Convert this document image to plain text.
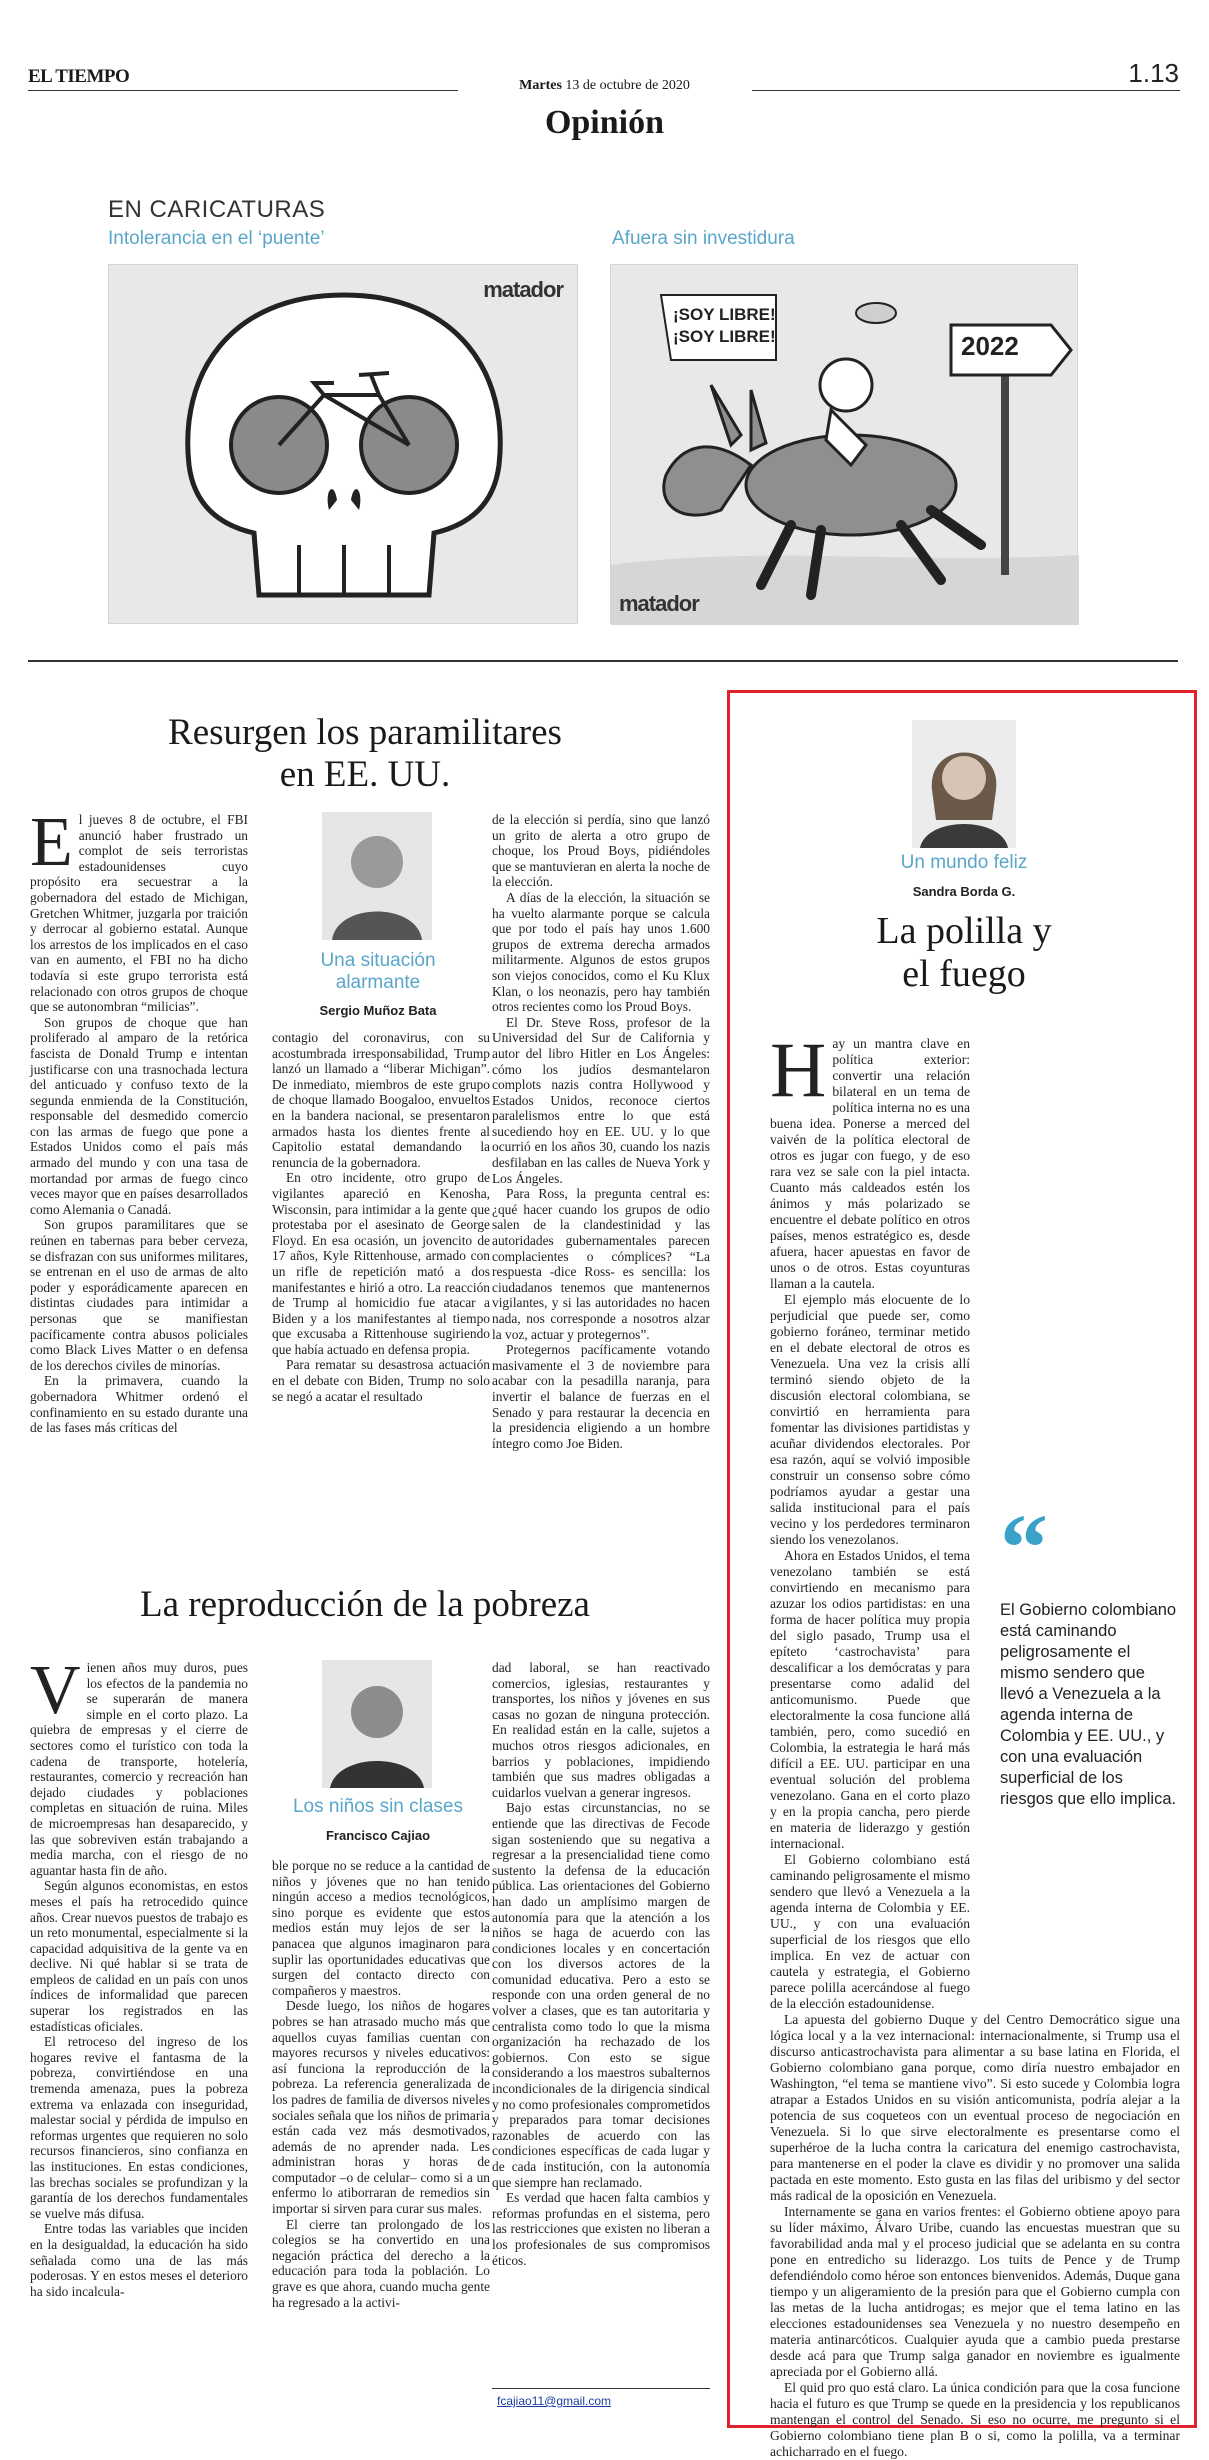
EL TIEMPO	Martes 13 de octubre de 2020	1.13
Opinión
EN CARICATURAS
Intolerancia en el ‘puente’	Afuera sin investidura
matador
¡SOY LIBRE!
¡SOY LIBRE!	2022
matador
Resurgen los paramilitares
en EE. UU.
E l jueves 8 de octubre, el FBI anunció haber frustrado un complot de seis terroristas estadounidenses cuyo propósito era secuestrar a la gobernadora del estado de Michigan, Gretchen Whitmer, juzgarla por traición y derrocar al gobierno estatal. Aunque los arrestos de los implicados en el caso van en aumento, el FBI no ha dicho todavía si este grupo terrorista está relacionado con otros grupos de choque que se autonombran “milicias”.

Son grupos de choque que han proliferado al amparo de la retórica fascista de Donald Trump e intentan justificarse con una trasnochada lectura del anticuado y confuso texto de la segunda enmienda de la Constitución, responsable del desmedido comercio con las armas de fuego que pone a Estados Unidos como el país más armado del mundo y con una tasa de mortandad por armas de fuego cinco veces mayor que en países desarrollados como Alemania o Canadá.

Son grupos paramilitares que se reúnen en tabernas para beber cerveza, se disfrazan con sus uniformes militares, se entrenan en el uso de armas de alto poder y esporádicamente aparecen en distintas ciudades para intimidar a personas que se manifiestan pacíficamente contra abusos policiales como Black Lives Matter o en defensa de los derechos civiles de minorías.

En la primavera, cuando la gobernadora Whitmer ordenó el confinamiento en su estado durante una de las fases más críticas del

Una situación alarmante
Sergio Muñoz Bata

contagio del coronavirus, con su acostumbrada irresponsabilidad, Trump lanzó un llamado a “liberar Michigan”. De inmediato, miembros de este grupo de choque llamado Boogaloo, envueltos en la bandera nacional, se presentaron armados hasta los dientes frente al Capitolio estatal demandando la renuncia de la gobernadora.

En otro incidente, otro grupo de vigilantes apareció en Kenosha, Wisconsin, para intimidar a la gente que protestaba por el asesinato de George Floyd. En esa ocasión, un jovencito de 17 años, Kyle Rittenhouse, armado con un rifle de repetición mató a dos manifestantes e hirió a otro. La reacción de Trump al homicidio fue atacar a Biden y a los manifestantes al tiempo que excusaba a Rittenhouse sugiriendo que había actuado en defensa propia.

Para rematar su desastrosa actuación en el debate con Biden, Trump no solo se negó a acatar el resultado

de la elección si perdía, sino que lanzó un grito de alerta a otro grupo de choque, los Proud Boys, pidiéndoles que se mantuvieran en alerta la noche de la elección.

A días de la elección, la situación se ha vuelto alarmante porque se calcula que por todo el país hay unos 1.600 grupos de extrema derecha armados militarmente. Algunos de estos grupos son viejos conocidos, como el Ku Klux Klan, o los neonazis, pero hay también otros recientes como los Proud Boys.

El Dr. Steve Ross, profesor de la Universidad del Sur de California y autor del libro Hitler en Los Ángeles: cómo los judíos desmantelaron complots nazis contra Hollywood y Estados Unidos, reconoce ciertos paralelismos entre lo que está sucediendo hoy en EE. UU. y lo que ocurrió en los años 30, cuando los nazis desfilaban en las calles de Nueva York y Los Ángeles.

Para Ross, la pregunta central es: ¿qué hacer cuando los grupos de odio salen de la clandestinidad y las autoridades gubernamentales parecen complacientes o cómplices? “La respuesta -dice Ross- es sencilla: los ciudadanos tenemos que mantenernos vigilantes, y si las autoridades no hacen nada, nos corresponde a nosotros alzar la voz, actuar y protegernos”.

Protegernos pacíficamente votando masivamente el 3 de noviembre para acabar con la pesadilla naranja, para invertir el balance de fuerzas en el Senado y para restaurar la decencia en la presidencia eligiendo a un hombre íntegro como Joe Biden.

La reproducción de la pobreza
V ienen años muy duros, pues los efectos de la pandemia no se superarán de manera simple en el corto plazo. La quiebra de empresas y el cierre de sectores como el turístico con toda la cadena de transporte, hotelería, restaurantes, comercio y recreación han dejado ciudades y poblaciones completas en situación de ruina. Miles de microempresas han desaparecido, y las que sobreviven están trabajando a media marcha, con el riesgo de no aguantar hasta fin de año.

Según algunos economistas, en estos meses el país ha retrocedido quince años. Crear nuevos puestos de trabajo es un reto monumental, especialmente si la capacidad adquisitiva de la gente va en declive. Ni qué hablar si se trata de empleos de calidad en un país con unos índices de informalidad que parecen superar los registrados en las estadísticas oficiales.

El retroceso del ingreso de los hogares revive el fantasma de la pobreza, convirtiéndose en una tremenda amenaza, pues la pobreza extrema va enlazada con inseguridad, malestar social y pérdida de impulso en reformas urgentes que requieren no solo recursos financieros, sino confianza en las instituciones. En estas condiciones, las brechas sociales se profundizan y la garantía de los derechos fundamentales se vuelve más difusa.

Entre todas las variables que inciden en la desigualdad, la educación ha sido señalada como una de las más poderosas. Y en estos meses el deterioro ha sido incalcula-

Los niños sin clases
Francisco Cajiao

ble porque no se reduce a la cantidad de niños y jóvenes que no han tenido ningún acceso a medios tecnológicos, sino porque es evidente que estos medios están muy lejos de ser la panacea que algunos imaginaron para suplir las oportunidades educativas que surgen del contacto directo con compañeros y maestros.

Desde luego, los niños de hogares pobres se han atrasado mucho más que aquellos cuyas familias cuentan con mayores recursos y niveles educativos: así funciona la reproducción de la pobreza. La referencia generalizada de los padres de familia de diversos niveles sociales señala que los niños de primaria están cada vez más desmotivados, además de no aprender nada. Les administran horas y horas de computador –o de celular– como si a un enfermo lo atiborraran de remedios sin importar si sirven para curar sus males.

El cierre tan prolongado de los colegios se ha convertido en una negación práctica del derecho a la educación para toda la población. Lo grave es que ahora, cuando mucha gente ha regresado a la activi-

dad laboral, se han reactivado comercios, iglesias, restaurantes y transportes, los niños y jóvenes en sus casas no gozan de ninguna protección. En realidad están en la calle, sujetos a muchos otros riesgos adicionales, en barrios y poblaciones, impidiendo también que sus madres obligadas a cuidarlos vuelvan a generar ingresos.

Bajo estas circunstancias, no se entiende que las directivas de Fecode sigan sosteniendo que su negativa a regresar a la presencialidad tiene como sustento la defensa de la educación pública. Las orientaciones del Gobierno han dado un amplísimo margen de autonomía para que la atención a los niños se haga de acuerdo con las condiciones locales y en concertación con los diversos actores de la comunidad educativa. Pero a esto se responde con una orden general de no volver a clases, que es tan autoritaria y centralista como todo lo que la misma organización ha rechazado de los gobiernos. Con esto se sigue considerando a los maestros subalternos incondicionales de la dirigencia sindical y no como profesionales comprometidos y preparados para tomar decisiones razonables de acuerdo con las condiciones específicas de cada lugar y de cada institución, con la autonomía que siempre han reclamado.

Es verdad que hacen falta cambios y reformas profundas en el sistema, pero las restricciones que existen no liberan a los profesionales de sus compromisos éticos.

fcajiao11@gmail.com
Un mundo feliz
Sandra Borda G.
La polilla y
el fuego
“
El Gobierno colombiano está caminando peligrosamente el mismo sendero que llevó a Venezuela a la agenda interna de Colombia y EE. UU., y con una evaluación superficial de los riesgos que ello implica.
H ay un mantra clave en política exterior: convertir una relación bilateral en un tema de política interna no es una buena idea. Ponerse a merced del vaivén de la política electoral de otros es jugar con fuego, y de eso rara vez se sale con la piel intacta. Cuanto más caldeados estén los ánimos y más polarizado se encuentre el debate político en otros países, menos estratégico es, desde afuera, hacer apuestas en favor de unos o de otros. Estas coyunturas llaman a la cautela.

El ejemplo más elocuente de lo perjudicial que puede ser, como gobierno foráneo, terminar metido en el debate electoral de otros es Venezuela. Una vez la crisis allí terminó siendo objeto de la discusión electoral colombiana, se convirtió en herramienta para fomentar las divisiones partidistas y acuñar dividendos electorales. Por esa razón, aquí se volvió imposible construir un consenso sobre cómo podríamos ayudar a gestar una salida institucional para el país vecino y los perdedores terminaron siendo los venezolanos.

Ahora en Estados Unidos, el tema venezolano también se está convirtiendo en mecanismo para azuzar los odios partidistas: en una forma de hacer política muy propia del siglo pasado, Trump usa el epíteto ‘castrochavista’ para descalificar a los demócratas y para presentarse como adalid del anticomunismo. Puede que electoralmente la cosa funcione allá también, pero, como sucedió en Colombia, la estrategia le hará más difícil a EE. UU. participar en una eventual solución del problema venezolano. Gana en el corto plazo y en la propia cancha, pero pierde en materia de liderazgo y gestión internacional.

El Gobierno colombiano está caminando peligrosamente el mismo sendero que llevó a Venezuela a la agenda interna de Colombia y EE. UU., y con una evaluación superficial de los riesgos que ello implica. En vez de actuar con cautela y estrategia, el Gobierno parece polilla acercándose al fuego de la elección estadounidense.

La apuesta del gobierno Duque y del Centro Democrático sigue una lógica local y a la vez internacional: internacionalmente, si Trump usa el discurso anticastrochavista para alimentar a su base latina en Florida, el Gobierno colombiano gana porque, como diría nuestro embajador en Washington, “el tema se mantiene vivo”. Si esto sucede y Colombia logra atrapar a Estados Unidos en su visión anticomunista, podría alejar a la potencia de sus coqueteos con un eventual proceso de negociación en Venezuela. Si lo que sirve electoralmente es presentarse como el superhéroe de la lucha contra la caricatura del enemigo castrochavista, para mantenerse en el poder la clave es dividir y no promover una salida pactada en este momento. Esto gusta en las filas del uribismo y del sector más radical de la oposición en Venezuela.

Internamente se gana en varios frentes: el Gobierno obtiene apoyo para su líder máximo, Álvaro Uribe, cuando las encuestas muestran que su favorabilidad anda mal y el proceso judicial que se adelanta en su contra pone en entredicho su liderazgo. Los tuits de Pence y de Trump defendiéndolo como héroe son entonces bienvenidos. Además, Duque gana tiempo y un aligeramiento de la presión para que el Gobierno cumpla con las metas de la lucha antidrogas; es mejor que el tema latino en las elecciones estadounidenses sea Venezuela y no nuestro desempeño en materia antinarcóticos. Cualquier ayuda que a cambio pueda prestarse desde acá para que Trump salga ganador en noviembre es igualmente apreciada por el Gobierno allá.

El quid pro quo está claro. La única condición para que la cosa funcione hacia el futuro es que Trump se quede en la presidencia y los republicanos mantengan el control del Senado. Si eso no ocurre, me pregunto si el Gobierno colombiano tiene plan B o si, como la polilla, va a terminar achicharrado en el fuego.
